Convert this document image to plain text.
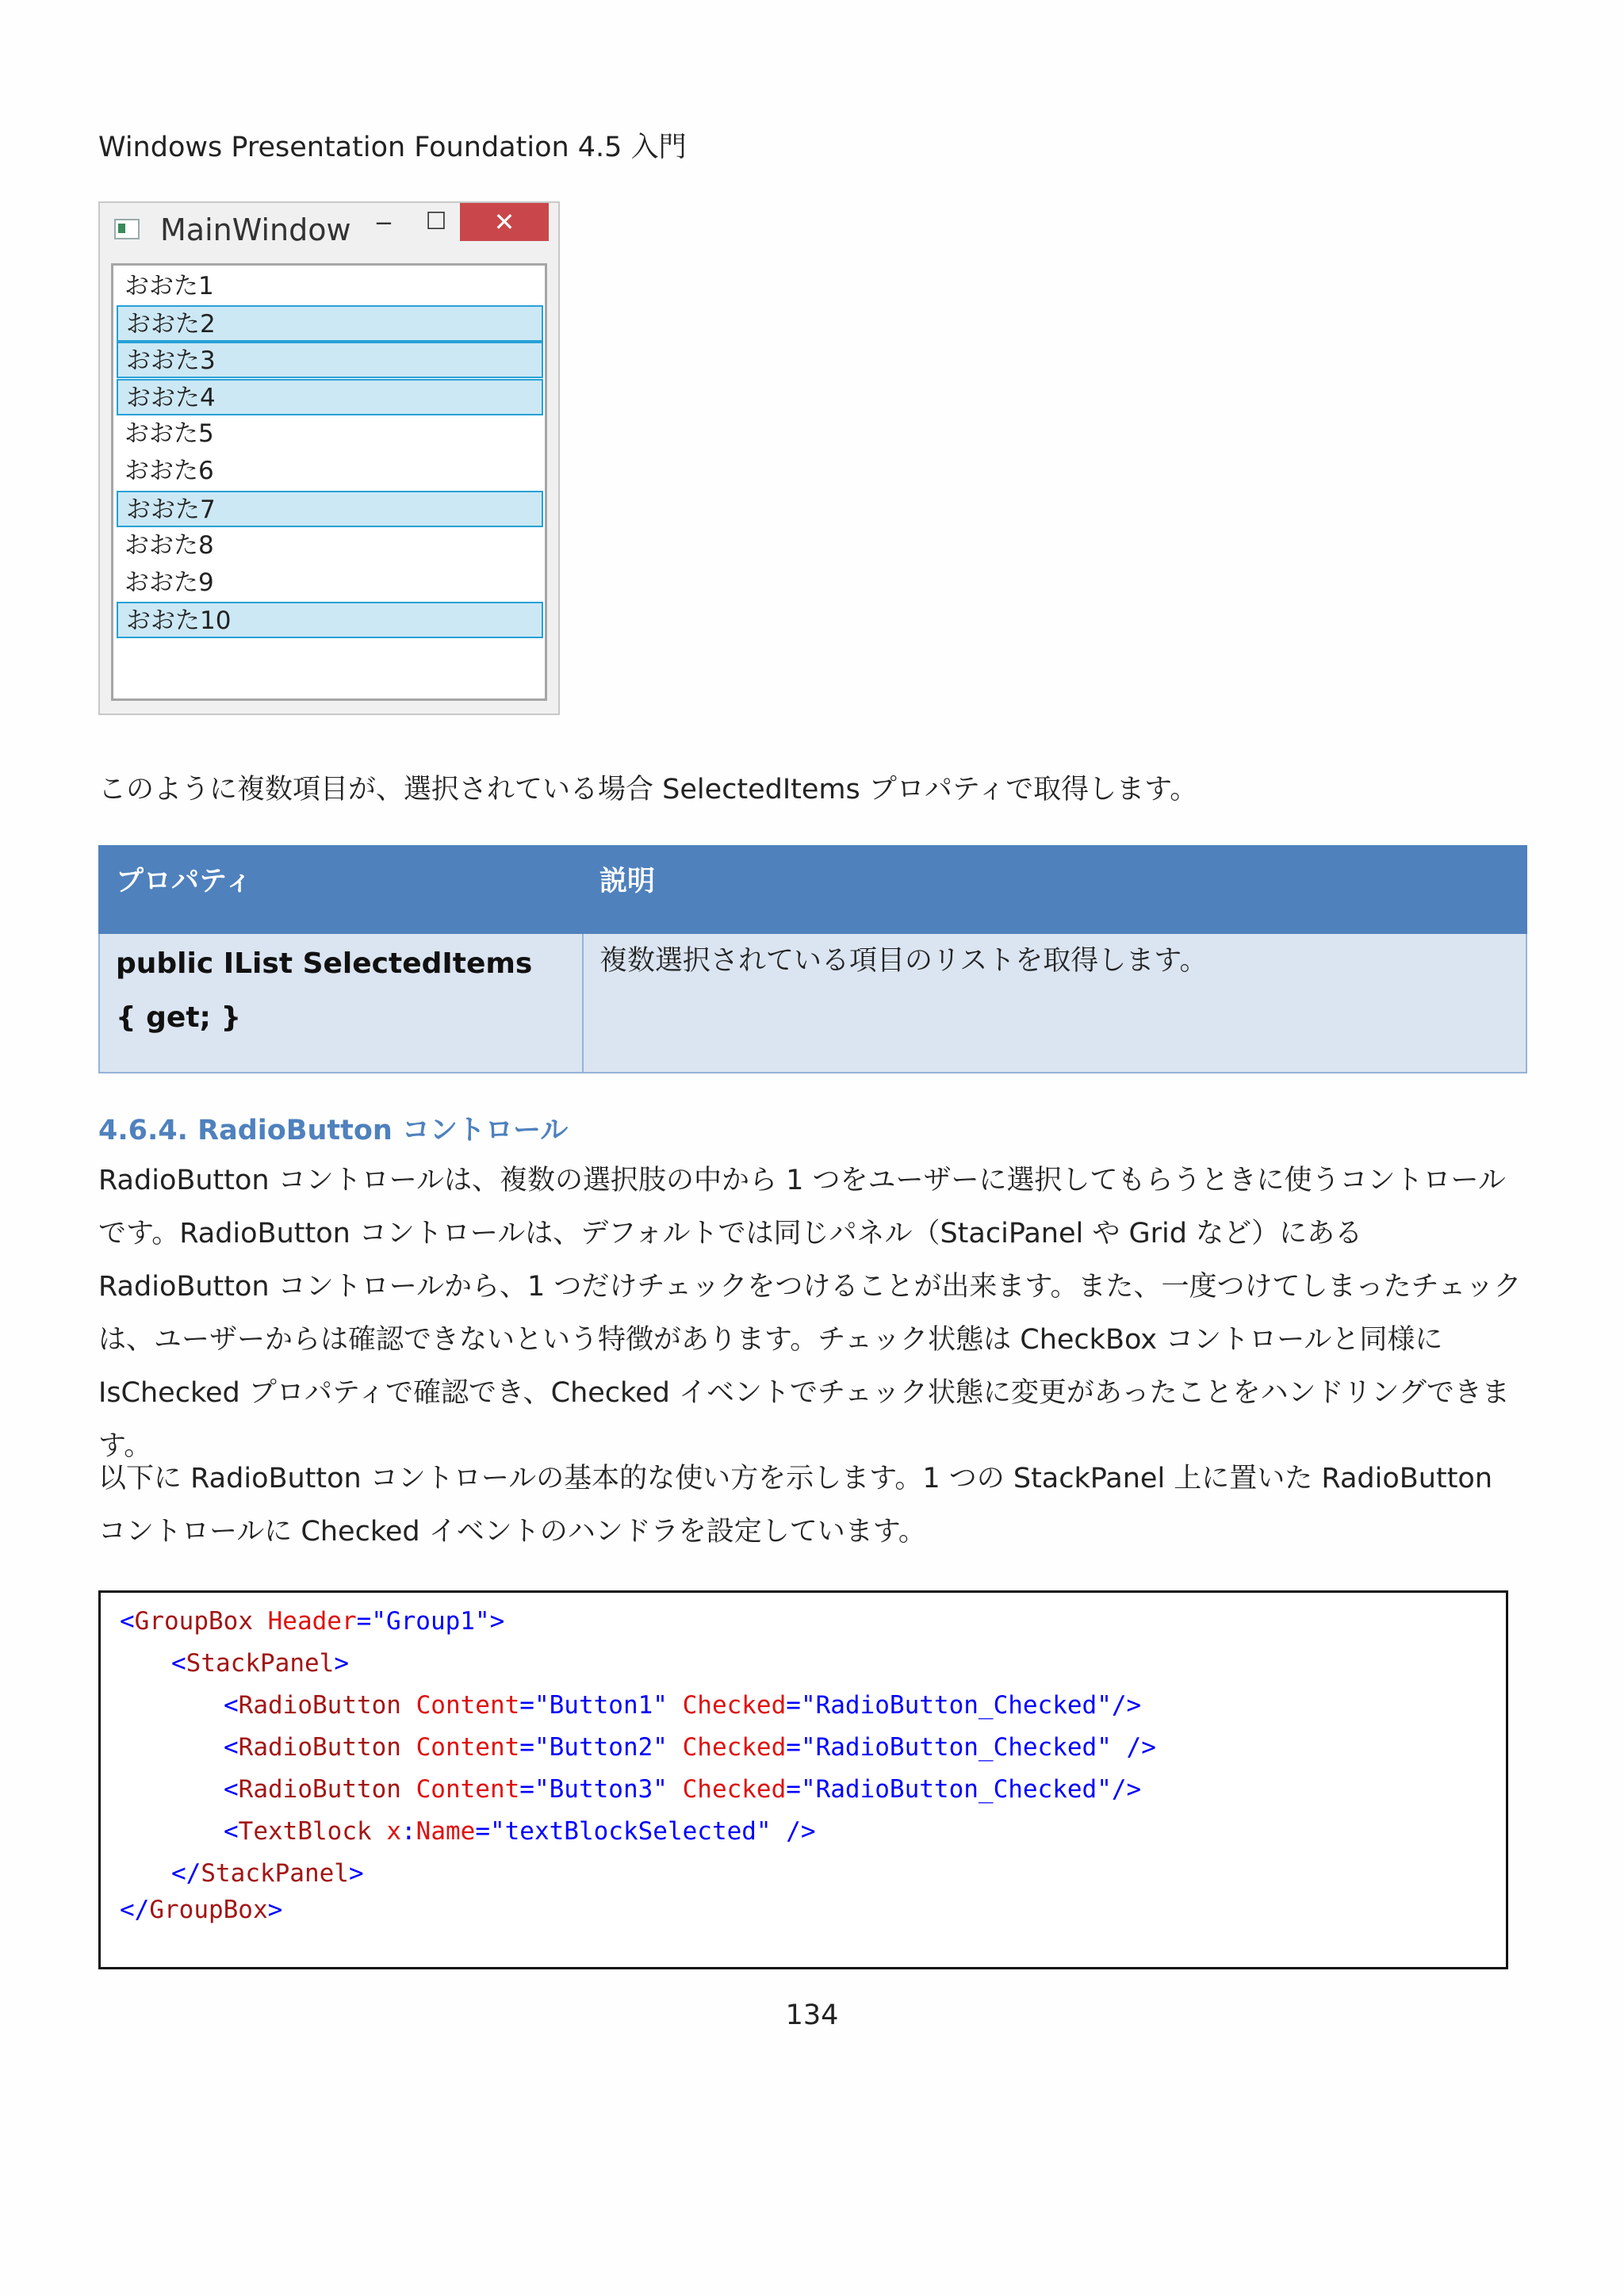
Windows Presentation Foundation 4.5 入門
MainWindow ‒	☐	✕
おおた1
おおた2
おおた3
おおた4
おおた5
おおた6
おおた7
おおた8
おおた9
おおた10
このように複数項目が、選択されている場合 SelectedItems プロパティで取得します。
プロパティ	説明

public IList SelectedItems
{ get; }	複数選択されている項目のリストを取得します。
4.6.4. RadioButton コントロール
RadioButton コントロールは、複数の選択肢の中から 1 つをユーザーに選択してもらうときに使うコントロールです。RadioButton コントロールは、デフォルトでは同じパネル（StaciPanel や Grid など）にある RadioButton コントロールから、1 つだけチェックをつけることが出来ます。また、一度つけてしまったチェックは、ユーザーからは確認できないという特徴があります。チェック状態は CheckBox コントロールと同様に IsChecked プロパティで確認でき、Checked イベントでチェック状態に変更があったことをハンドリングできます。
以下に RadioButton コントロールの基本的な使い方を示します。1 つの StackPanel 上に置いた RadioButton コントロールに Checked イベントのハンドラを設定しています。
<GroupBox Header="Group1">
<StackPanel>
<RadioButton Content="Button1" Checked="RadioButton_Checked"/>
<RadioButton Content="Button2" Checked="RadioButton_Checked" />
<RadioButton Content="Button3" Checked="RadioButton_Checked"/>
<TextBlock x:Name="textBlockSelected" />
</StackPanel>
</GroupBox>
134
